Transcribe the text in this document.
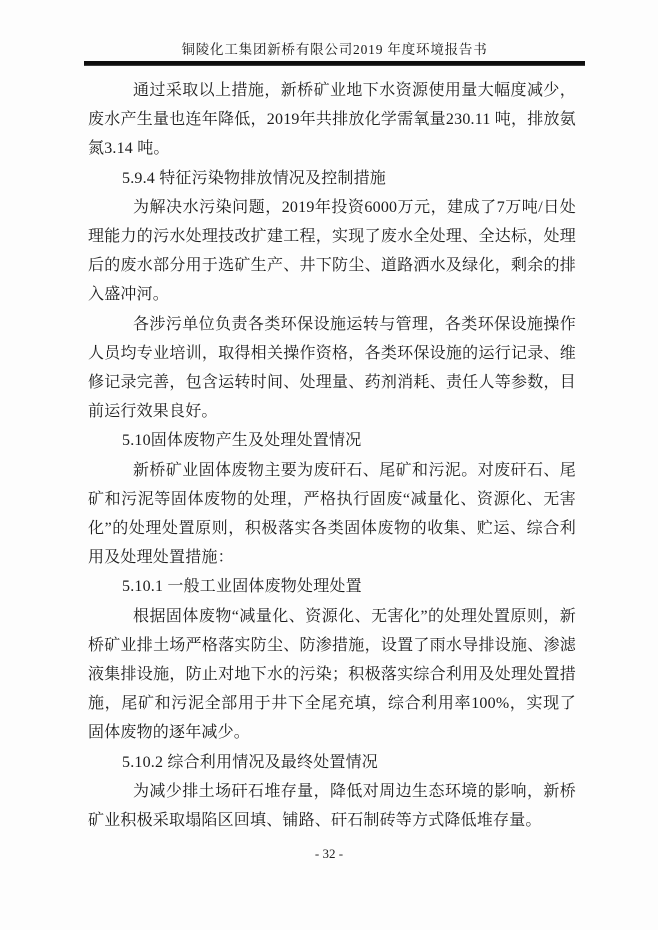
铜陵化工集团新桥有限公司2019 年度环境报告书

通过采取以上措施，新桥矿业地下水资源使用量大幅度减少，废水产生量也连年降低，2019年共排放化学需氧量230.11 吨，排放氨氮3.14 吨。

5.9.4 特征污染物排放情况及控制措施

为解决水污染问题，2019年投资6000万元，建成了7万吨/日处理能力的污水处理技改扩建工程，实现了废水全处理、全达标，处理后的废水部分用于选矿生产、井下防尘、道路洒水及绿化，剩余的排入盛冲河。

各涉污单位负责各类环保设施运转与管理，各类环保设施操作人员均专业培训，取得相关操作资格，各类环保设施的运行记录、维修记录完善，包含运转时间、处理量、药剂消耗、责任人等参数，目前运行效果良好。

5.10固体废物产生及处理处置情况

新桥矿业固体废物主要为废矸石、尾矿和污泥。对废矸石、尾矿和污泥等固体废物的处理，严格执行固废“减量化、资源化、无害化”的处理处置原则，积极落实各类固体废物的收集、贮运、综合利用及处理处置措施：

5.10.1 一般工业固体废物处理处置

根据固体废物“减量化、资源化、无害化”的处理处置原则，新桥矿业排土场严格落实防尘、防渗措施，设置了雨水导排设施、渗滤液集排设施，防止对地下水的污染；积极落实综合利用及处理处置措施，尾矿和污泥全部用于井下全尾充填，综合利用率100%，实现了固体废物的逐年减少。

5.10.2 综合利用情况及最终处置情况

为减少排土场矸石堆存量，降低对周边生态环境的影响，新桥矿业积极采取塌陷区回填、铺路、矸石制砖等方式降低堆存量。

- 32 -
